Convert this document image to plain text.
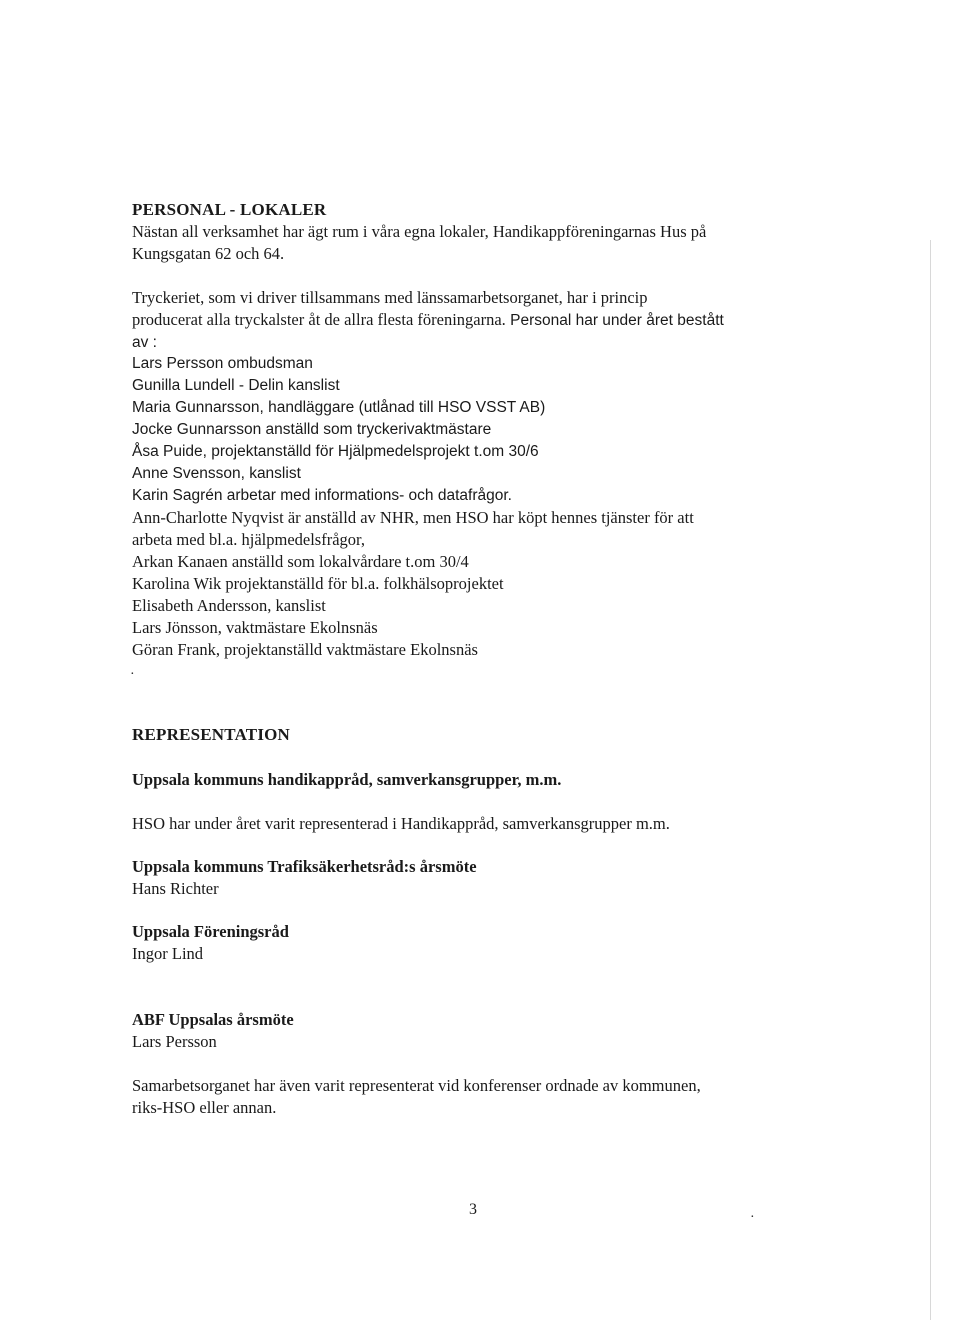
PERSONAL - LOKALER
Nästan all verksamhet har ägt rum i våra egna lokaler, Handikappföreningarnas Hus på
Kungsgatan 62 och 64.
Tryckeriet, som vi driver tillsammans med länssamarbetsorganet, har i princip
producerat alla tryckalster åt de allra flesta föreningarna. Personal har under året bestått
av :
Lars Persson ombudsman
Gunilla Lundell - Delin kanslist
Maria Gunnarsson, handläggare (utlånad till HSO VSST AB)
Jocke Gunnarsson anställd som tryckerivaktmästare
Åsa Puide, projektanställd för Hjälpmedelsprojekt t.om 30/6
Anne Svensson, kanslist
Karin Sagrén arbetar med informations- och datafrågor.
Ann-Charlotte Nyqvist är anställd av NHR, men HSO har köpt hennes tjänster för att
arbeta med bl.a. hjälpmedelsfrågor,
Arkan Kanaen anställd som lokalvårdare t.om 30/4
Karolina Wik projektanställd för bl.a. folkhälsoprojektet
Elisabeth Andersson, kanslist
Lars Jönsson, vaktmästare Ekolnsnäs
Göran Frank, projektanställd vaktmästare Ekolnsnäs
·
REPRESENTATION
Uppsala kommuns handikappråd, samverkansgrupper, m.m.
HSO har under året varit representerad i Handikappråd, samverkansgrupper m.m.
Uppsala kommuns Trafiksäkerhetsråd:s årsmöte
Hans Richter
Uppsala Föreningsråd
Ingor Lind
ABF Uppsalas årsmöte
Lars Persson
Samarbetsorganet har även varit representerat vid konferenser ordnade av kommunen,
riks-HSO eller annan.
3	·
